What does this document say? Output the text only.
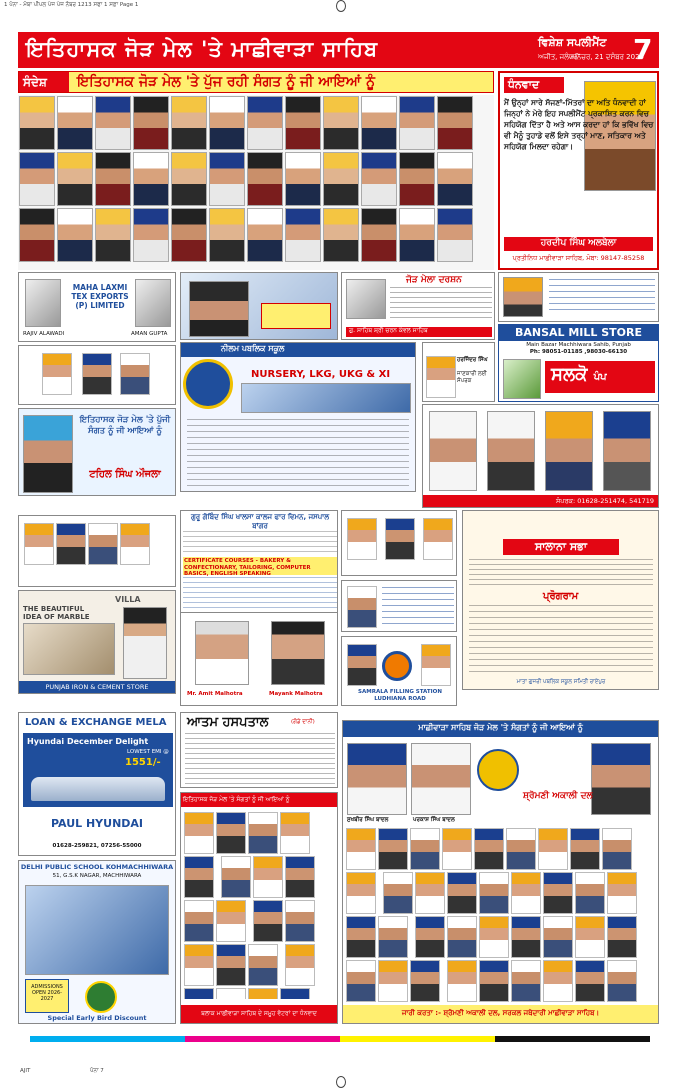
1 ਪੰਨਾ - ਮੋਬਾ ਪੀਪਲ ਪੇਜ ਪੇਜ ਨੰਬਰ 1213 ਸਫਾ 1 ਸਫ਼ਾ Page 1
ਇਤਿਹਾਸਕ ਜੋੜ ਮੇਲ 'ਤੇ ਮਾਛੀਵਾੜਾ ਸਾਹਿਬ	ਵਿਸ਼ੇਸ਼ ਸਪਲੀਮੈਂਟ 7
ਅਜੀਤ, ਜਲੰਧਰ
ਸ਼ਨਿੱਚਰ, 21 ਦਸੰਬਰ 2025
ਸੰਦੇਸ਼	ਇਤਿਹਾਸਕ ਜੋੜ ਮੇਲ 'ਤੇ ਪੁੱਜ ਰਹੀ ਸੰਗਤ ਨੂੰ ਜੀ ਆਇਆਂ ਨੂੰ
	ਧੰਨਵਾਦ
ਮੈਂ ਉਨ੍ਹਾਂ ਸਾਰੇ ਸੱਜਣਾਂ-ਮਿੱਤਰਾਂ ਦਾ ਅਤਿ ਧੰਨਵਾਦੀ ਹਾਂ ਜਿਨ੍ਹਾਂ ਨੇ ਮੇਰੇ ਇਹ ਸਪਲੀਮੈਂਟ ਪ੍ਰਕਾਸ਼ਿਤ ਕਰਨ ਵਿਚ ਸਹਿਯੋਗ ਦਿੱਤਾ ਹੈ ਅਤੇ ਆਸ ਕਰਦਾ ਹਾਂ ਕਿ ਭਵਿੱਖ ਵਿਚ ਵੀ ਮੈਨੂੰ ਤੁਹਾਡੇ ਵਲੋਂ ਇਸੇ ਤਰ੍ਹਾਂ ਮਾਣ, ਸਤਿਕਾਰ ਅਤੇ ਸਹਿਯੋਗ ਮਿਲਦਾ ਰਹੇਗਾ।
ਹਰਦੀਪ ਸਿੰਘ ਅਲਬੇਲਾ
ਪ੍ਰਤੀਨਿਧ ਮਾਛੀਵਾੜਾ ਸਾਹਿਬ, ਮੋਬਾ: 98147-85258
MAHA LAXMI TEX EXPORTS (P) LIMITED
RAJIV ALAWADI	AMAN GUPTA
ਜੋੜ ਮੇਲਾ ਦਰਸ਼ਨ
ਗੁ. ਸਾਹਿਬ ਸ਼੍ਰੀ ਚਰਨ ਕੰਵਲ ਸਾਹਿਬ	BANSAL MILL STORE
Main Bazar Machhiwara Sahib, Punjab
Ph: 98051-01185 ,98030-66130
ਸਲਕੋ ਪੰਪ
ਨੀਲਮ ਪਬਲਿਕ ਸਕੂਲ
NURSERY, LKG, UKG & XI
ਹਰਜਿੰਦਰ ਸਿੰਘ
ਜਾਣਕਾਰੀ ਲਈ ਸੰਪਰਕ
ਇਤਿਹਾਸਕ ਜੋੜ ਮੇਲ 'ਤੇ ਪੁੱਜੀ ਸੰਗਤ ਨੂੰ ਜੀ ਆਇਆਂ ਨੂੰ
ਟਹਿਲ ਸਿੰਘ ਔਜਲਾ
ਸੰਪਰਕ: 01628-251474, 541719
ਗੁਰੂ ਗੋਬਿੰਦ ਸਿੰਘ ਖਾਲਸਾ ਕਾਲਜ ਫਾਰ ਵਿਮਨ, ਜਸਪਾਲ ਬਾਂਗਰ
CERTIFICATE COURSES - BAKERY & CONFECTIONARY, TAILORING, COMPUTER BASICS, ENGLISH SPEAKING
ਸਾਲਾਨਾ ਸਭਾ
ਪ੍ਰੋਗਰਾਮ
ਮਾਤਾ ਗੁਜਰੀ ਪਬਲਿਕ ਸਕੂਲ ਸਮਿਤੀ ਰਾਏਪੁਰ
VILLA
THE BEAUTIFUL IDEA OF MARBLE
PUNJAB IRON & CEMENT STORE
Mr. Amit Malhotra	Mayank Malhotra	SAMRALA FILLING STATION LUDHIANA ROAD
LOAN & EXCHANGE MELA
Hyundai December Delight
LOWEST EMI @
1551/-
PAUL HYUNDAI
01628-259821, 07256-55000
ਆਤਮ ਹਸਪਤਾਲ	(ਗੋਡੇ ਦਾਨੀ)
ਇਤਿਹਾਸਕ ਜੋੜ ਮੇਲ 'ਤੇ ਸੰਗਤਾਂ ਨੂੰ ਜੀ ਆਇਆਂ ਨੂੰ

ਬਲਾਕ ਮਾਛੀਵਾੜਾ ਸਾਹਿਬ ਦੇ ਸਮੂਹ ਵੋਟਰਾਂ ਦਾ ਧੰਨਵਾਦ
DELHI PUBLIC SCHOOL KOHMACHHIWARA
51, G.S.K NAGAR, MACHHIWARA
ADMISSIONS OPEN 2026-2027
Special Early Bird Discount
ਮਾਛੀਵਾੜਾ ਸਾਹਿਬ ਜੋੜ ਮੇਲ 'ਤੇ ਸੰਗਤਾਂ ਨੂੰ ਜੀ ਆਇਆਂ ਨੂੰ
ਸ਼੍ਰੋਮਣੀ ਅਕਾਲੀ ਦਲ
ਸੁਖਬੀਰ ਸਿੰਘ ਬਾਦਲ	ਪਰਕਾਸ਼ ਸਿੰਘ ਬਾਦਲ

ਜਾਰੀ ਕਰਤਾ :- ਸ਼੍ਰੋਮਣੀ ਅਕਾਲੀ ਦਲ, ਸਰਕਲ ਜਥੇਦਾਰੀ ਮਾਛੀਵਾੜਾ ਸਾਹਿਬ।
AJIT	ਪੰਨਾ 7
